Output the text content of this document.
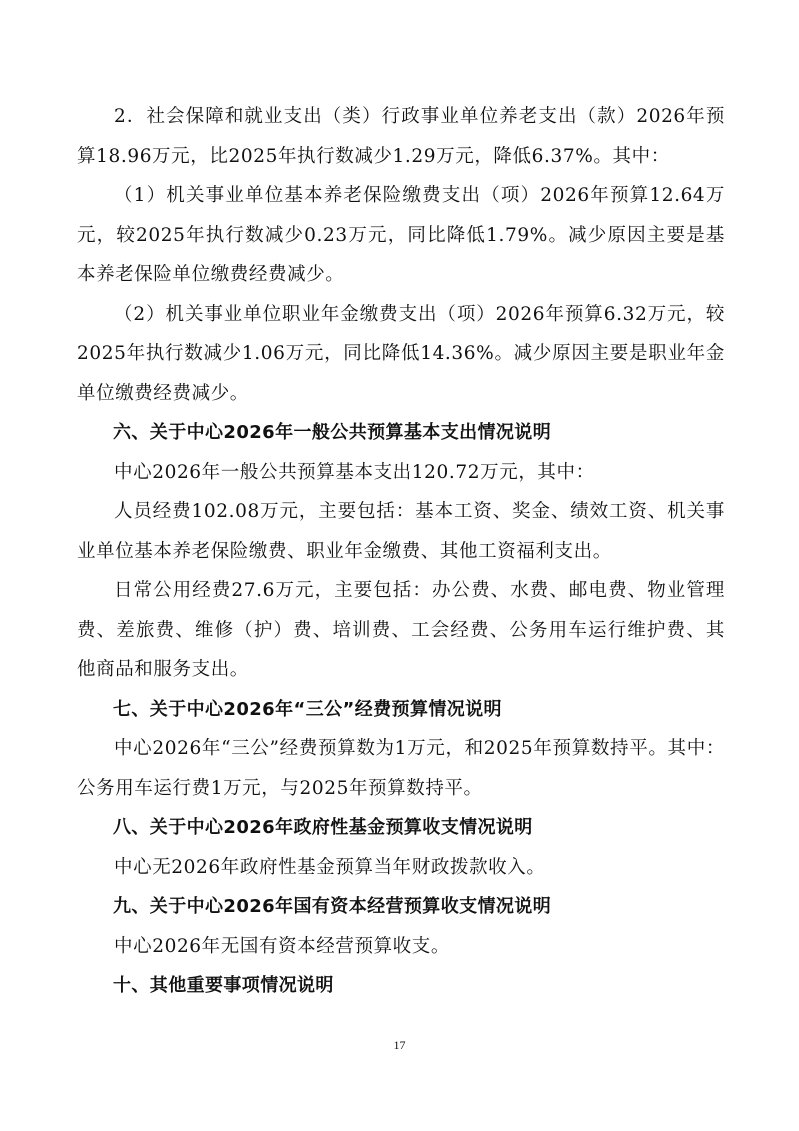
2．社会保障和就业支出（类）行政事业单位养老支出（款）2026年预算18.96万元，比2025年执行数减少1.29万元，降低6.37%。其中：

（1）机关事业单位基本养老保险缴费支出（项）2026年预算12.64万元，较2025年执行数减少0.23万元，同比降低1.79%。减少原因主要是基本养老保险单位缴费经费减少。

（2）机关事业单位职业年金缴费支出（项）2026年预算6.32万元，较2025年执行数减少1.06万元，同比降低14.36%。减少原因主要是职业年金单位缴费经费减少。

六、关于中心2026年一般公共预算基本支出情况说明

中心2026年一般公共预算基本支出120.72万元，其中：

人员经费102.08万元，主要包括：基本工资、奖金、绩效工资、机关事业单位基本养老保险缴费、职业年金缴费、其他工资福利支出。

日常公用经费27.6万元，主要包括：办公费、水费、邮电费、物业管理费、差旅费、维修（护）费、培训费、工会经费、公务用车运行维护费、其他商品和服务支出。

七、关于中心2026年“三公”经费预算情况说明

中心2026年“三公”经费预算数为1万元，和2025年预算数持平。其中：公务用车运行费1万元，与2025年预算数持平。

八、关于中心2026年政府性基金预算收支情况说明

中心无2026年政府性基金预算当年财政拨款收入。

九、关于中心2026年国有资本经营预算收支情况说明

中心2026年无国有资本经营预算收支。

十、其他重要事项情况说明

17
